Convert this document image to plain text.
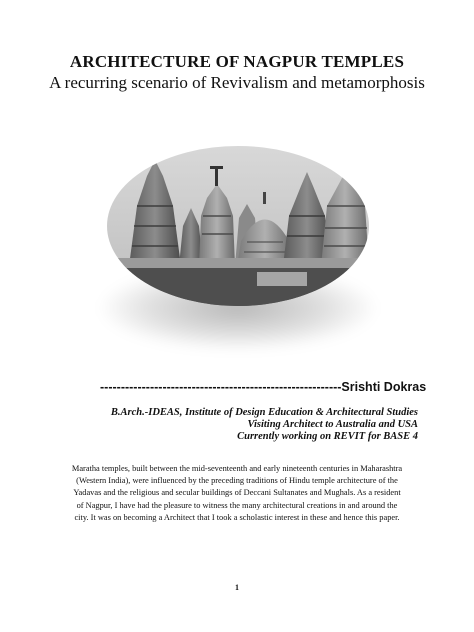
ARCHITECTURE OF NAGPUR TEMPLES
A recurring scenario of Revivalism and metamorphosis
----------------------------------------------------------Srishti Dokras
B.Arch.-IDEAS, Institute of Design Education & Architectural Studies
Visiting Architect to Australia and USA
Currently working on REVIT for BASE 4
Maratha temples, built between the mid-seventeenth and early nineteenth centuries in Maharashtra (Western India), were influenced by the preceding traditions of Hindu temple architecture of the Yadavas and the religious and secular buildings of Deccani Sultanates and Mughals. As a resident of Nagpur, I have had the pleasure to witness the many architectural creations in and around the city. It was on becoming a Architect that I took a scholastic interest in these and hence this paper.
1
